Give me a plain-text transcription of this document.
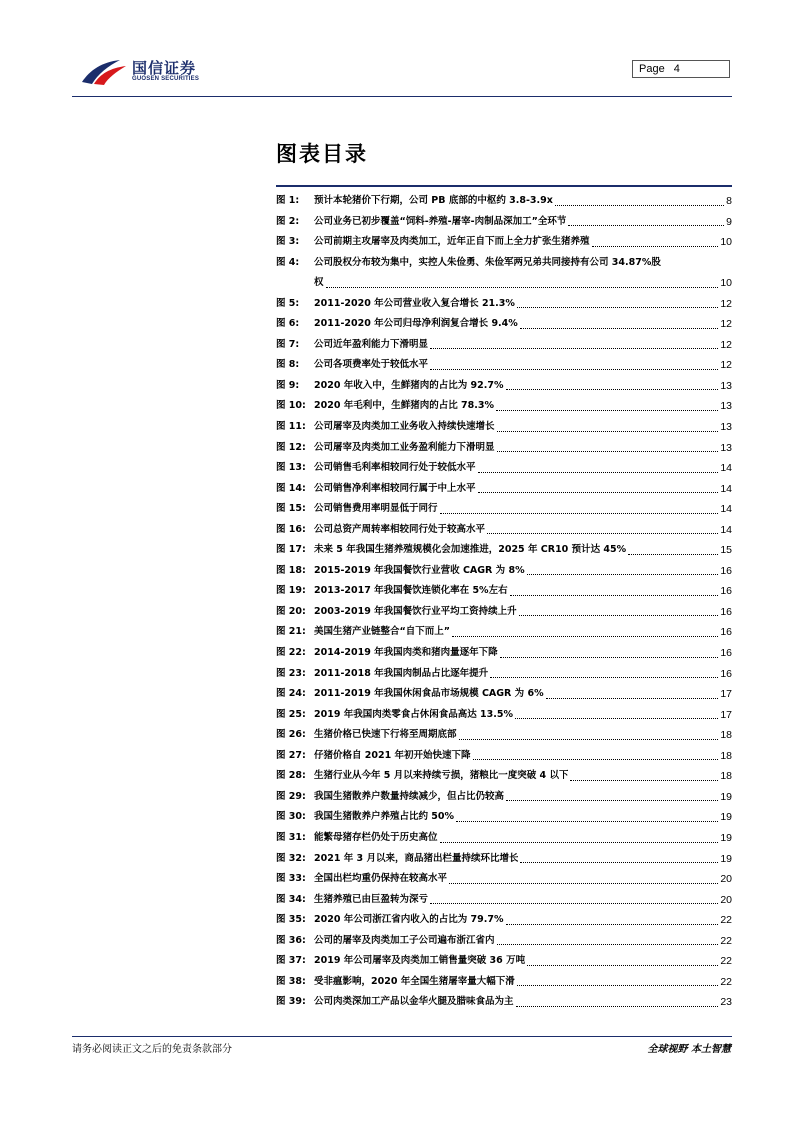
国信证券
GUOSEN SECURITIES
Page 4
图表目录
图 1:	预计本轮猪价下行期，公司 PB 底部的中枢约 3.8-3.9x	8
图 2:	公司业务已初步覆盖“饲料-养殖-屠宰-肉制品深加工”全环节	9
图 3:	公司前期主攻屠宰及肉类加工，近年正自下而上全力扩张生猪养殖	10
图 4:	公司股权分布较为集中，实控人朱俭勇、朱俭军两兄弟共同接持有公司 34.87%股
权	10
图 5:	2011-2020 年公司营业收入复合增长 21.3%	12
图 6:	2011-2020 年公司归母净利润复合增长 9.4%	12
图 7:	公司近年盈利能力下滑明显	12
图 8:	公司各项费率处于较低水平	12
图 9:	2020 年收入中，生鲜猪肉的占比为 92.7%	13
图 10: 2020 年毛利中，生鲜猪肉的占比 78.3%	13
图 11: 公司屠宰及肉类加工业务收入持续快速增长	13
图 12: 公司屠宰及肉类加工业务盈利能力下滑明显	13
图 13: 公司销售毛利率相较同行处于较低水平	14
图 14: 公司销售净利率相较同行属于中上水平	14
图 15: 公司销售费用率明显低于同行	14
图 16: 公司总资产周转率相较同行处于较高水平	14
图 17: 未来 5 年我国生猪养殖规模化会加速推进，2025 年 CR10 预计达 45%	15
图 18: 2015-2019 年我国餐饮行业营收 CAGR 为 8%	16
图 19: 2013-2017 年我国餐饮连锁化率在 5%左右	16
图 20: 2003-2019 年我国餐饮行业平均工资持续上升	16
图 21: 美国生猪产业链整合“自下而上”	16
图 22: 2014-2019 年我国肉类和猪肉量逐年下降	16
图 23: 2011-2018 年我国肉制品占比逐年提升	16
图 24: 2011-2019 年我国休闲食品市场规模 CAGR 为 6%	17
图 25: 2019 年我国肉类零食占休闲食品高达 13.5%	17
图 26: 生猪价格已快速下行将至周期底部	18
图 27: 仔猪价格自 2021 年初开始快速下降	18
图 28: 生猪行业从今年 5 月以来持续亏损，猪粮比一度突破 4 以下	18
图 29: 我国生猪散养户数量持续减少，但占比仍较高	19
图 30: 我国生猪散养户养殖占比约 50%	19
图 31: 能繁母猪存栏仍处于历史高位	19
图 32: 2021 年 3 月以来，商品猪出栏量持续环比增长	19
图 33: 全国出栏均重仍保持在较高水平	20
图 34: 生猪养殖已由巨盈转为深亏	20
图 35: 2020 年公司浙江省内收入的占比为 79.7%	22
图 36: 公司的屠宰及肉类加工子公司遍布浙江省内	22
图 37: 2019 年公司屠宰及肉类加工销售量突破 36 万吨	22
图 38: 受非瘟影响，2020 年全国生猪屠宰量大幅下滑	22
图 39: 公司肉类深加工产品以金华火腿及腊味食品为主	23
请务必阅读正文之后的免责条款部分	全球视野 本土智慧
